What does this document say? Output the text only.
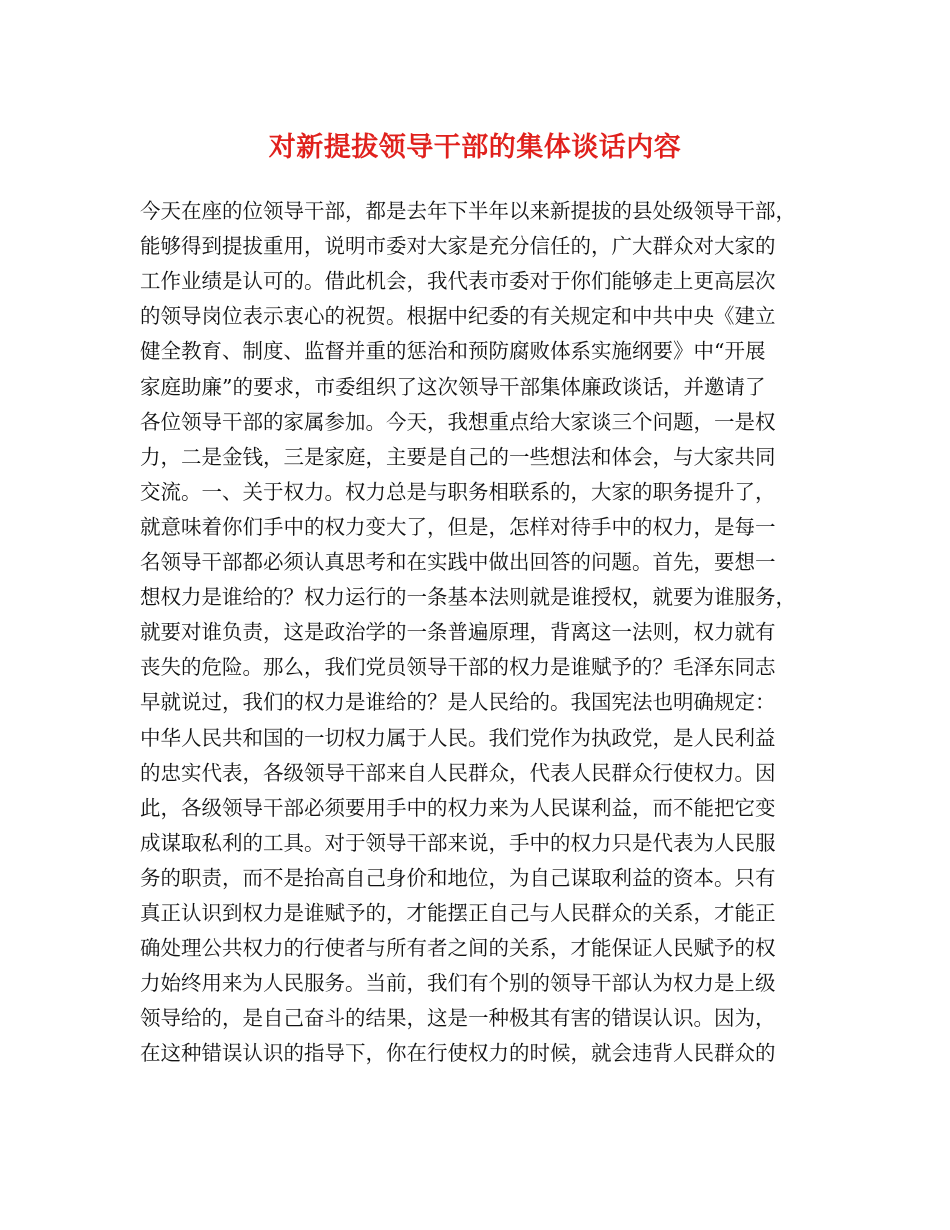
对新提拔领导干部的集体谈话内容
今天在座的位领导干部，都是去年下半年以来新提拔的县处级领导干部，
能够得到提拔重用，说明市委对大家是充分信任的，广大群众对大家的
工作业绩是认可的。借此机会，我代表市委对于你们能够走上更高层次
的领导岗位表示衷心的祝贺。根据中纪委的有关规定和中共中央《建立
健全教育、制度、监督并重的惩治和预防腐败体系实施纲要》中“开展
家庭助廉”的要求，市委组织了这次领导干部集体廉政谈话，并邀请了
各位领导干部的家属参加。今天，我想重点给大家谈三个问题，一是权
力，二是金钱，三是家庭，主要是自己的一些想法和体会，与大家共同
交流。一、关于权力。权力总是与职务相联系的，大家的职务提升了，
就意味着你们手中的权力变大了，但是，怎样对待手中的权力，是每一
名领导干部都必须认真思考和在实践中做出回答的问题。首先，要想一
想权力是谁给的？权力运行的一条基本法则就是谁授权，就要为谁服务，
就要对谁负责，这是政治学的一条普遍原理，背离这一法则，权力就有
丧失的危险。那么，我们党员领导干部的权力是谁赋予的？毛泽东同志
早就说过，我们的权力是谁给的？是人民给的。我国宪法也明确规定：
中华人民共和国的一切权力属于人民。我们党作为执政党，是人民利益
的忠实代表，各级领导干部来自人民群众，代表人民群众行使权力。因
此，各级领导干部必须要用手中的权力来为人民谋利益，而不能把它变
成谋取私利的工具。对于领导干部来说，手中的权力只是代表为人民服
务的职责，而不是抬高自己身价和地位，为自己谋取利益的资本。只有
真正认识到权力是谁赋予的，才能摆正自己与人民群众的关系，才能正
确处理公共权力的行使者与所有者之间的关系，才能保证人民赋予的权
力始终用来为人民服务。当前，我们有个别的领导干部认为权力是上级
领导给的，是自己奋斗的结果，这是一种极其有害的错误认识。因为，
在这种错误认识的指导下，你在行使权力的时候，就会违背人民群众的
